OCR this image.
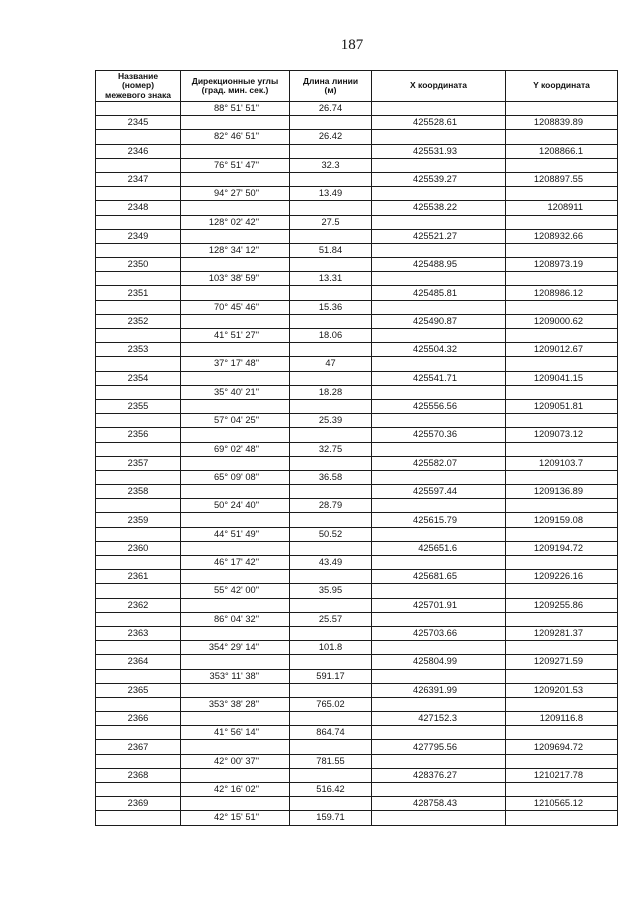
187
Название
(номер)
межевого знака	Дирекционные углы
(град. мин. сек.)	Длина линии
(м)	X координата	Y координата
	88° 51' 51"	26.74		
2345			425528.61	1208839.89
	82° 46' 51"	26.42		
2346			425531.93	1208866.1
	76° 51' 47"	32.3		
2347			425539.27	1208897.55
	94° 27' 50"	13.49		
2348			425538.22	1208911
	128° 02' 42"	27.5		
2349			425521.27	1208932.66
	128° 34' 12"	51.84		
2350			425488.95	1208973.19
	103° 38' 59"	13.31		
2351			425485.81	1208986.12
	70° 45' 46"	15.36		
2352			425490.87	1209000.62
	41° 51' 27"	18.06		
2353			425504.32	1209012.67
	37° 17' 48"	47		
2354			425541.71	1209041.15
	35° 40' 21"	18.28		
2355			425556.56	1209051.81
	57° 04' 25"	25.39		
2356			425570.36	1209073.12
	69° 02' 48"	32.75		
2357			425582.07	1209103.7
	65° 09' 08"	36.58		
2358			425597.44	1209136.89
	50° 24' 40"	28.79		
2359			425615.79	1209159.08
	44° 51' 49"	50.52		
2360			425651.6	1209194.72
	46° 17' 42"	43.49		
2361			425681.65	1209226.16
	55° 42' 00"	35.95		
2362			425701.91	1209255.86
	86° 04' 32"	25.57		
2363			425703.66	1209281.37
	354° 29' 14"	101.8		
2364			425804.99	1209271.59
	353° 11' 38"	591.17		
2365			426391.99	1209201.53
	353° 38' 28"	765.02		
2366			427152.3	1209116.8
	41° 56' 14"	864.74		
2367			427795.56	1209694.72
	42° 00' 37"	781.55		
2368			428376.27	1210217.78
	42° 16' 02"	516.42		
2369			428758.43	1210565.12
	42° 15' 51"	159.71		
